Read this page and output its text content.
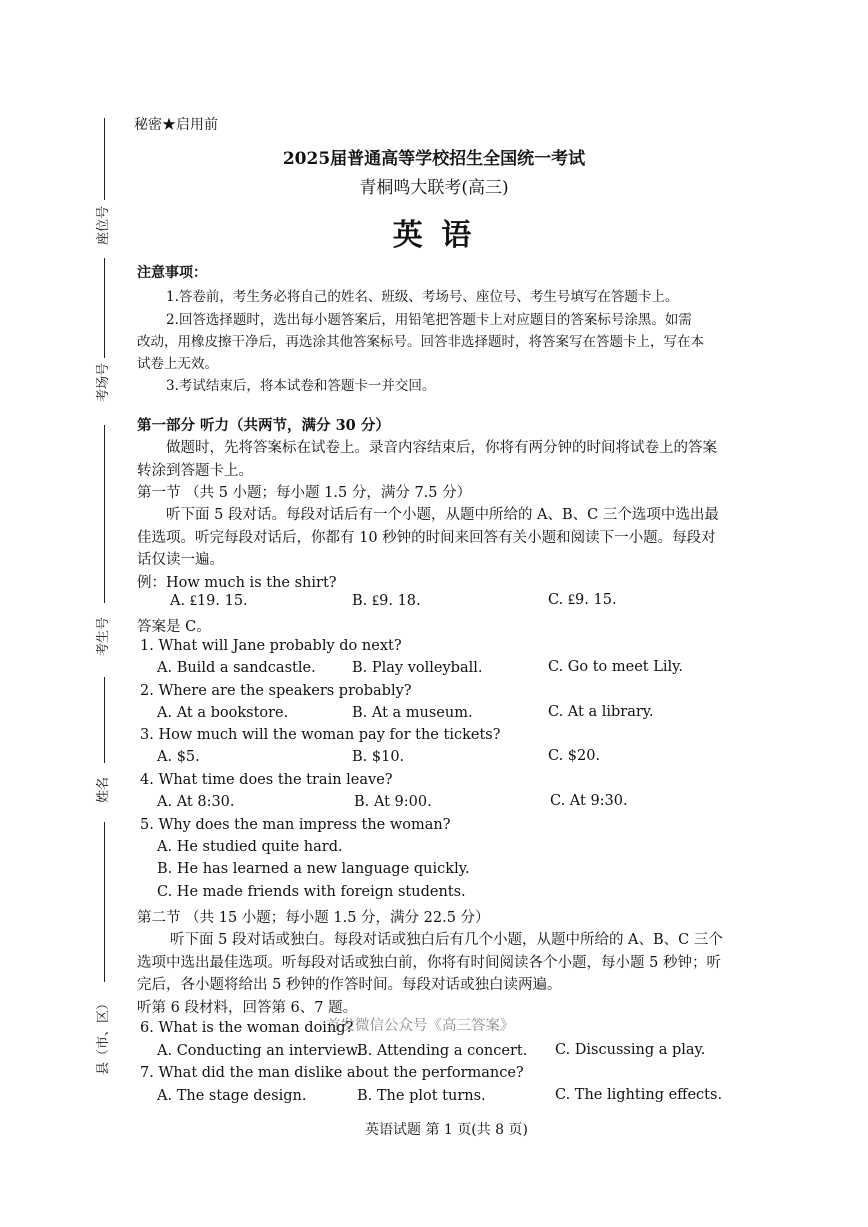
座位号
考场号
考生号
姓名
县（市、区）
秘密★启用前
2025届普通高等学校招生全国统一考试
青桐鸣大联考(高三)
英 语
注意事项：
1.答卷前，考生务必将自己的姓名、班级、考场号、座位号、考生号填写在答题卡上。
2.回答选择题时，选出每小题答案后，用铅笔把答题卡上对应题目的答案标号涂黑。如需
改动，用橡皮擦干净后，再选涂其他答案标号。回答非选择题时，将答案写在答题卡上，写在本
试卷上无效。
3.考试结束后，将本试卷和答题卡一并交回。
第一部分 听力（共两节，满分 30 分）
做题时，先将答案标在试卷上。录音内容结束后，你将有两分钟的时间将试卷上的答案
转涂到答题卡上。
第一节 （共 5 小题；每小题 1.5 分，满分 7.5 分）
听下面 5 段对话。每段对话后有一个小题，从题中所给的 A、B、C 三个选项中选出最
佳选项。听完每段对话后，你都有 10 秒钟的时间来回答有关小题和阅读下一小题。每段对
话仅读一遍。
例：How much is the shirt?
A. ₤19. 15.	B. ₤9. 18.	C. ₤9. 15.
答案是 C。
1. What will Jane probably do next?
A. Build a sandcastle.	B. Play volleyball.	C. Go to meet Lily.
2. Where are the speakers probably?
A. At a bookstore.	B. At a museum.	C. At a library.
3. How much will the woman pay for the tickets?
A. $5.	B. $10.	C. $20.
4. What time does the train leave?
A. At 8:30.	B. At 9:00.	C. At 9:30.
5. Why does the man impress the woman?
A. He studied quite hard.
B. He has learned a new language quickly.
C. He made friends with foreign students.
第二节 （共 15 小题；每小题 1.5 分，满分 22.5 分）
听下面 5 段对话或独白。每段对话或独白后有几个小题，从题中所给的 A、B、C 三个
选项中选出最佳选项。听每段对话或独白前，你将有时间阅读各个小题，每小题 5 秒钟；听
完后，各小题将给出 5 秒钟的作答时间。每段对话或独白读两遍。
听第 6 段材料，回答第 6、7 题。
首发微信公众号《高三答案》
6. What is the woman doing?
A. Conducting an interview.
B. Attending a concert. C. Discussing a play.
7. What did the man dislike about the performance?
A. The stage design.	B. The plot turns.	C. The lighting effects.
英语试题 第 1 页(共 8 页)
